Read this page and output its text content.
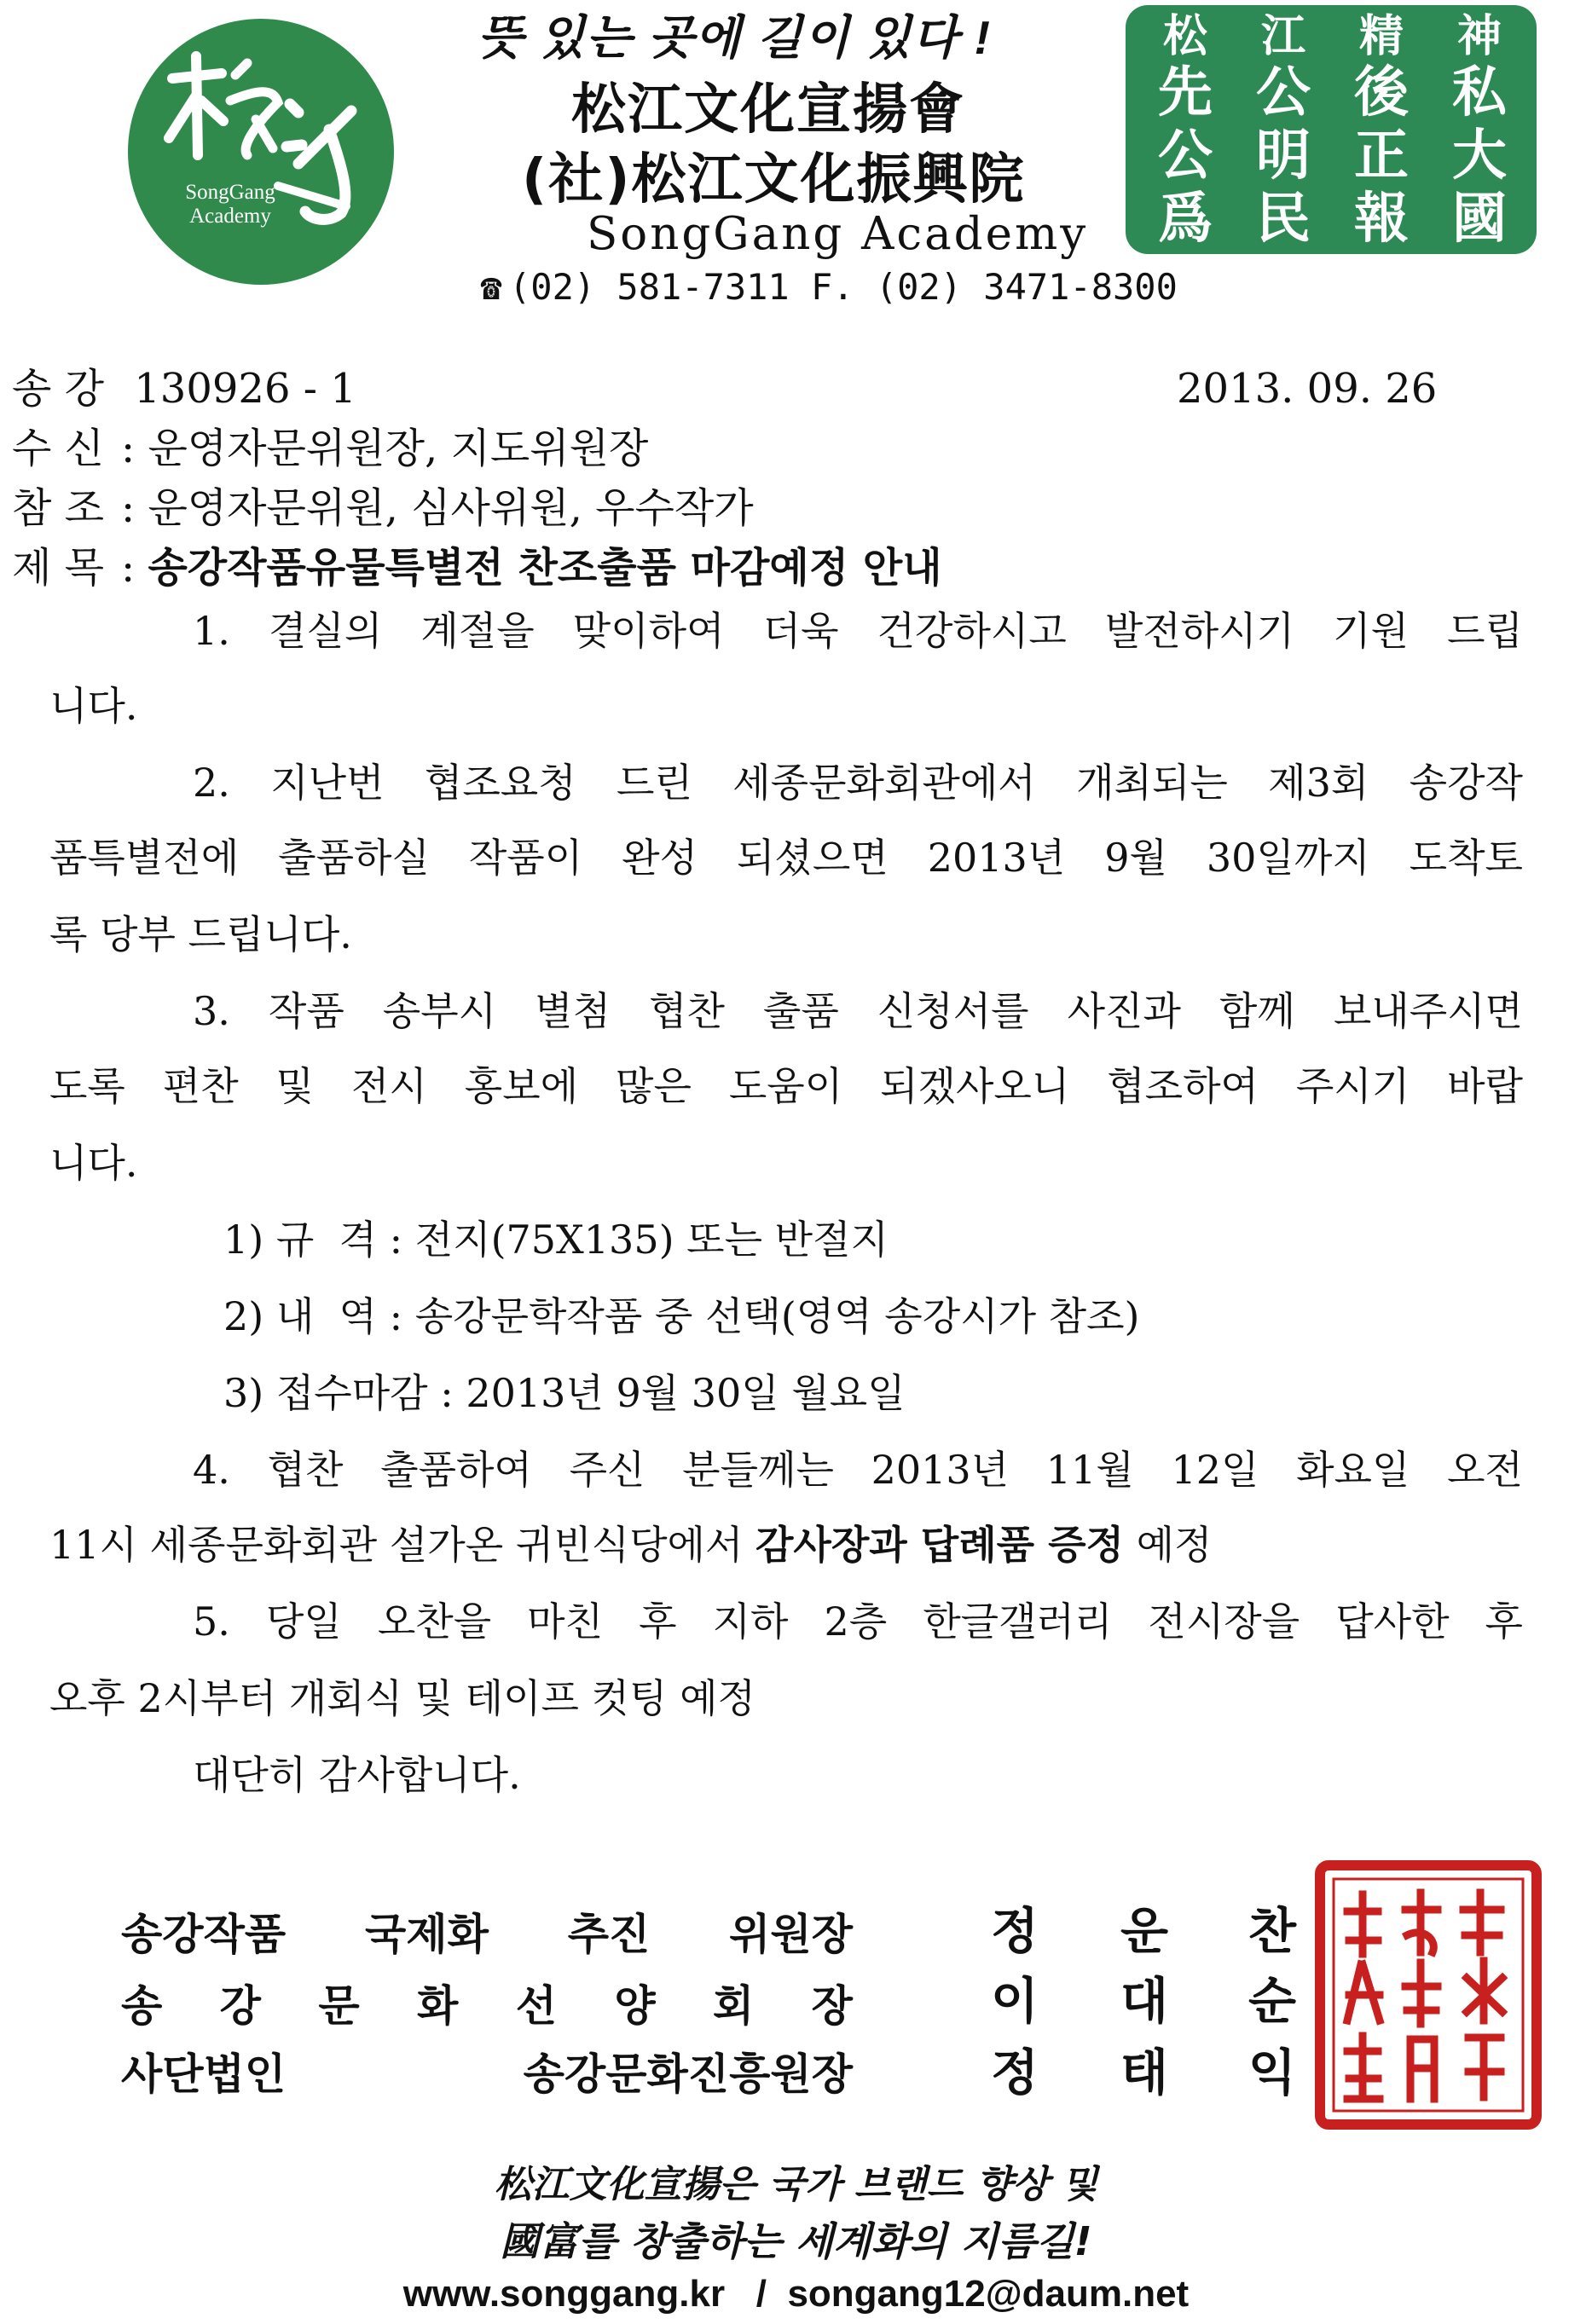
SongGang
Academy
뜻 있는 곳에 길이 있다 !
松江文化宣揚會
(社)松江文化振興院
SongGang Academy
☎ (02) 581-7311 F. (02) 3471-8300
松	江	精	神
先 公 後 私
公 明 正 大
爲 民 報 國
송 강 130926 - 1	2013. 09. 26
수 신 : 운영자문위원장, 지도위원장
참 조 : 운영자문위원, 심사위원, 우수작가
제 목 : 송강작품유물특별전 찬조출품 마감예정 안내
1. 결실의 계절을 맞이하여 더욱 건강하시고 발전하시기 기원 드립
니다.
2. 지난번 협조요청 드린 세종문화회관에서 개최되는 제3회 송강작
품특별전에 출품하실 작품이 완성 되셨으면 2013년 9월 30일까지 도착토
록 당부 드립니다.
3. 작품 송부시 별첨 협찬 출품 신청서를 사진과 함께 보내주시면
도록 편찬 및 전시 홍보에 많은 도움이 되겠사오니 협조하여 주시기 바랍
니다.
1) 규  격 : 전지(75X135) 또는 반절지
2) 내  역 : 송강문학작품 중 선택(영역 송강시가 참조)
3) 접수마감 : 2013년 9월 30일 월요일
4. 협찬 출품하여 주신 분들께는 2013년 11월 12일 화요일 오전
11시 세종문화회관 설가온 귀빈식당에서 감사장과 답례품 증정 예정
5. 당일 오찬을 마친 후 지하 2층 한글갤러리 전시장을 답사한 후
오후 2시부터 개회식 및 테이프 컷팅 예정
대단히 감사합니다.
송강작품 국제화 추진 위원장	정 운 찬
송 강 문 화 선 양 회 장	이 대 순
사단법인 송강문화진흥원장	정 태 익
松江文化宣揚은 국가 브랜드 향상 및
國富를 창출하는 세계화의 지름길!
www.songgang.kr / songang12@daum.net
